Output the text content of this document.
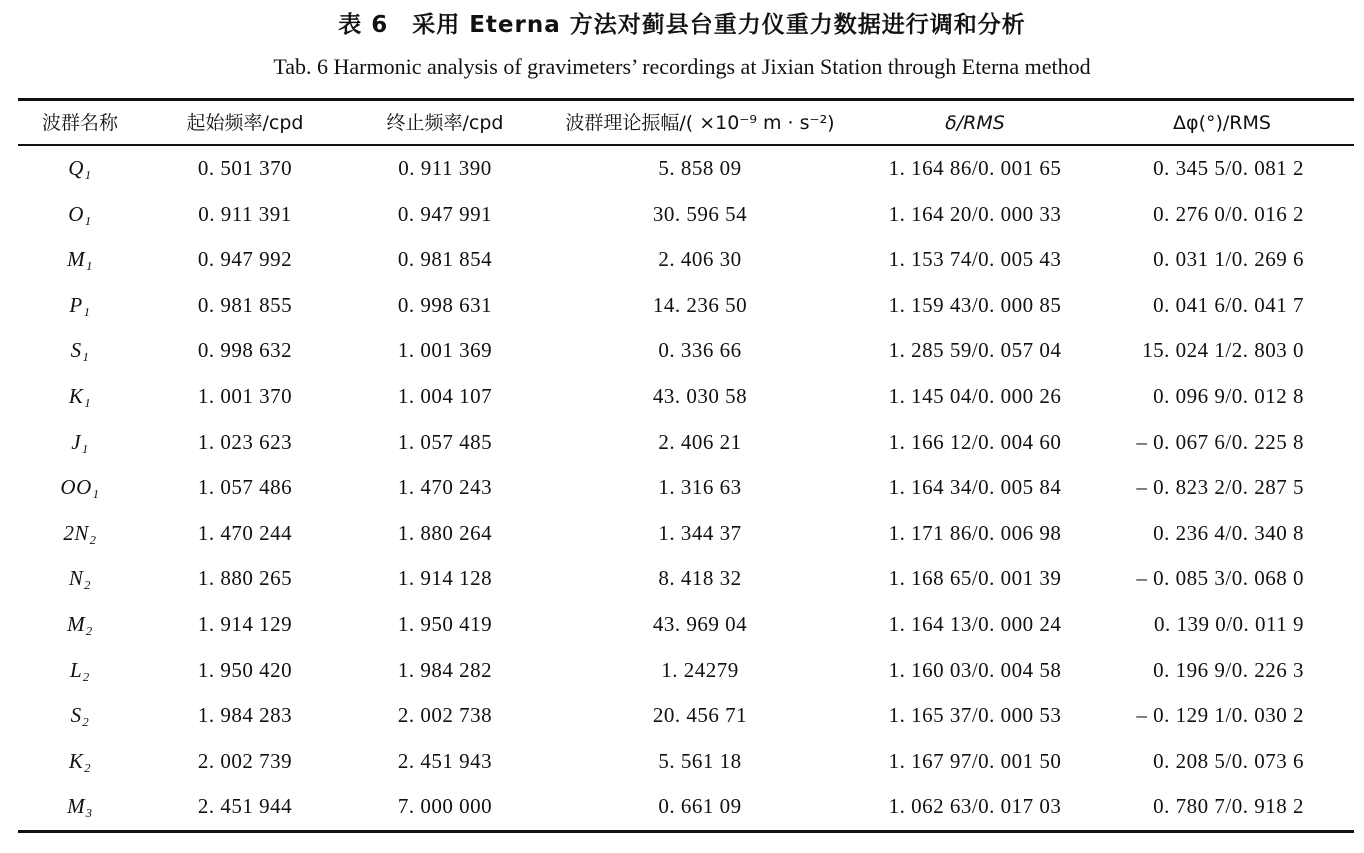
表 6　采用 Eterna 方法对蓟县台重力仪重力数据进行调和分析
Tab. 6 Harmonic analysis of gravimeters’ recordings at Jixian Station through Eterna method
波群名称	起始频率/cpd	终止频率/cpd	波群理论振幅/( ×10⁻⁹ m · s⁻²)	δ/RMS	Δφ(°)/RMS
Q₁	0. 501 370	0. 911 390	5. 858 09	1. 164 86/0. 001 65	0. 345 5/0. 081 2
O₁	0. 911 391	0. 947 991	30. 596 54	1. 164 20/0. 000 33	0. 276 0/0. 016 2
M₁	0. 947 992	0. 981 854	2. 406 30	1. 153 74/0. 005 43	0. 031 1/0. 269 6
P₁	0. 981 855	0. 998 631	14. 236 50	1. 159 43/0. 000 85	0. 041 6/0. 041 7
S₁	0. 998 632	1. 001 369	0. 336 66	1. 285 59/0. 057 04	15. 024 1/2. 803 0
K₁	1. 001 370	1. 004 107	43. 030 58	1. 145 04/0. 000 26	0. 096 9/0. 012 8
J₁	1. 023 623	1. 057 485	2. 406 21	1. 166 12/0. 004 60	– 0. 067 6/0. 225 8
OO₁	1. 057 486	1. 470 243	1. 316 63	1. 164 34/0. 005 84	– 0. 823 2/0. 287 5
2N₂	1. 470 244	1. 880 264	1. 344 37	1. 171 86/0. 006 98	0. 236 4/0. 340 8
N₂	1. 880 265	1. 914 128	8. 418 32	1. 168 65/0. 001 39	– 0. 085 3/0. 068 0
M₂	1. 914 129	1. 950 419	43. 969 04	1. 164 13/0. 000 24	0. 139 0/0. 011 9
L₂	1. 950 420	1. 984 282	1. 24279	1. 160 03/0. 004 58	0. 196 9/0. 226 3
S₂	1. 984 283	2. 002 738	20. 456 71	1. 165 37/0. 000 53	– 0. 129 1/0. 030 2
K₂	2. 002 739	2. 451 943	5. 561 18	1. 167 97/0. 001 50	0. 208 5/0. 073 6
M₃	2. 451 944	7. 000 000	0. 661 09	1. 062 63/0. 017 03	0. 780 7/0. 918 2
